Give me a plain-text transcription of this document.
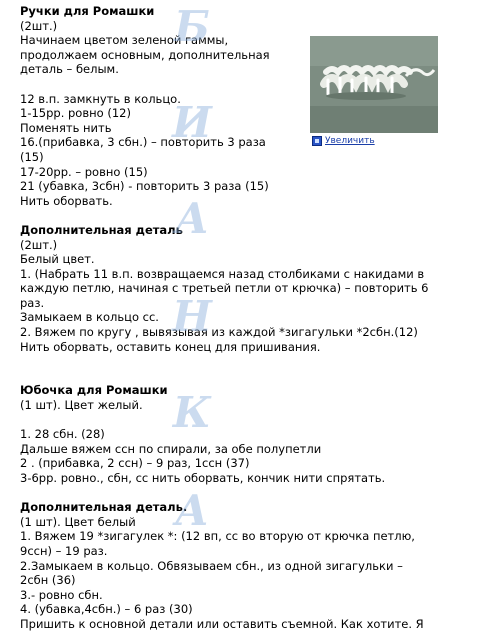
Ручки для Ромашки
(2шт.)
Начинаем цветом зеленой гаммы,
продолжаем основным, дополнительная
деталь – белым.
12 в.п. замкнуть в кольцо.
1-15рр. ровно (12)
Поменять нить
16.(прибавка, 3 сбн.) – повторить 3 раза
(15)
17-20рр. – ровно (15)
21 (убавка, 3сбн) - повторить 3 раза (15)
Нить оборвать.
Дополнительная деталь
(2шт.)
Белый цвет.
1. (Набрать 11 в.п. возвращаемся назад столбиками с накидами в
каждую петлю, начиная с третьей петли от крючка) – повторить 6
раз.
Замыкаем в кольцо сс.
2. Вяжем по кругу , вывязывая из каждой *зигагульки *2сбн.(12)
Нить оборвать, оставить конец для пришивания.
Юбочка для Ромашки
(1 шт). Цвет желый.
1. 28 сбн. (28)
Дальше вяжем ссн по спирали, за обе полупетли
2 . (прибавка, 2 ссн) – 9 раз, 1ссн (37)
3-6рр. ровно., сбн, сс нить оборвать, кончик нити спрятать.
Дополнительная деталь.
(1 шт). Цвет белый
1. Вяжем 19 *зигагулек *: (12 вп, сс во вторую от крючка петлю,
9ссн) – 19 раз.
2.Замыкаем в кольцо. Обвязываем сбн., из одной зигагульки –
2сбн (36)
3.- ровно сбн.
4. (убавка,4сбн.) – 6 раз (30)
Пришить к основной детали или оставить съемной. Как хотите. Я
Увеличить
Б
И
А
Н
К
А
